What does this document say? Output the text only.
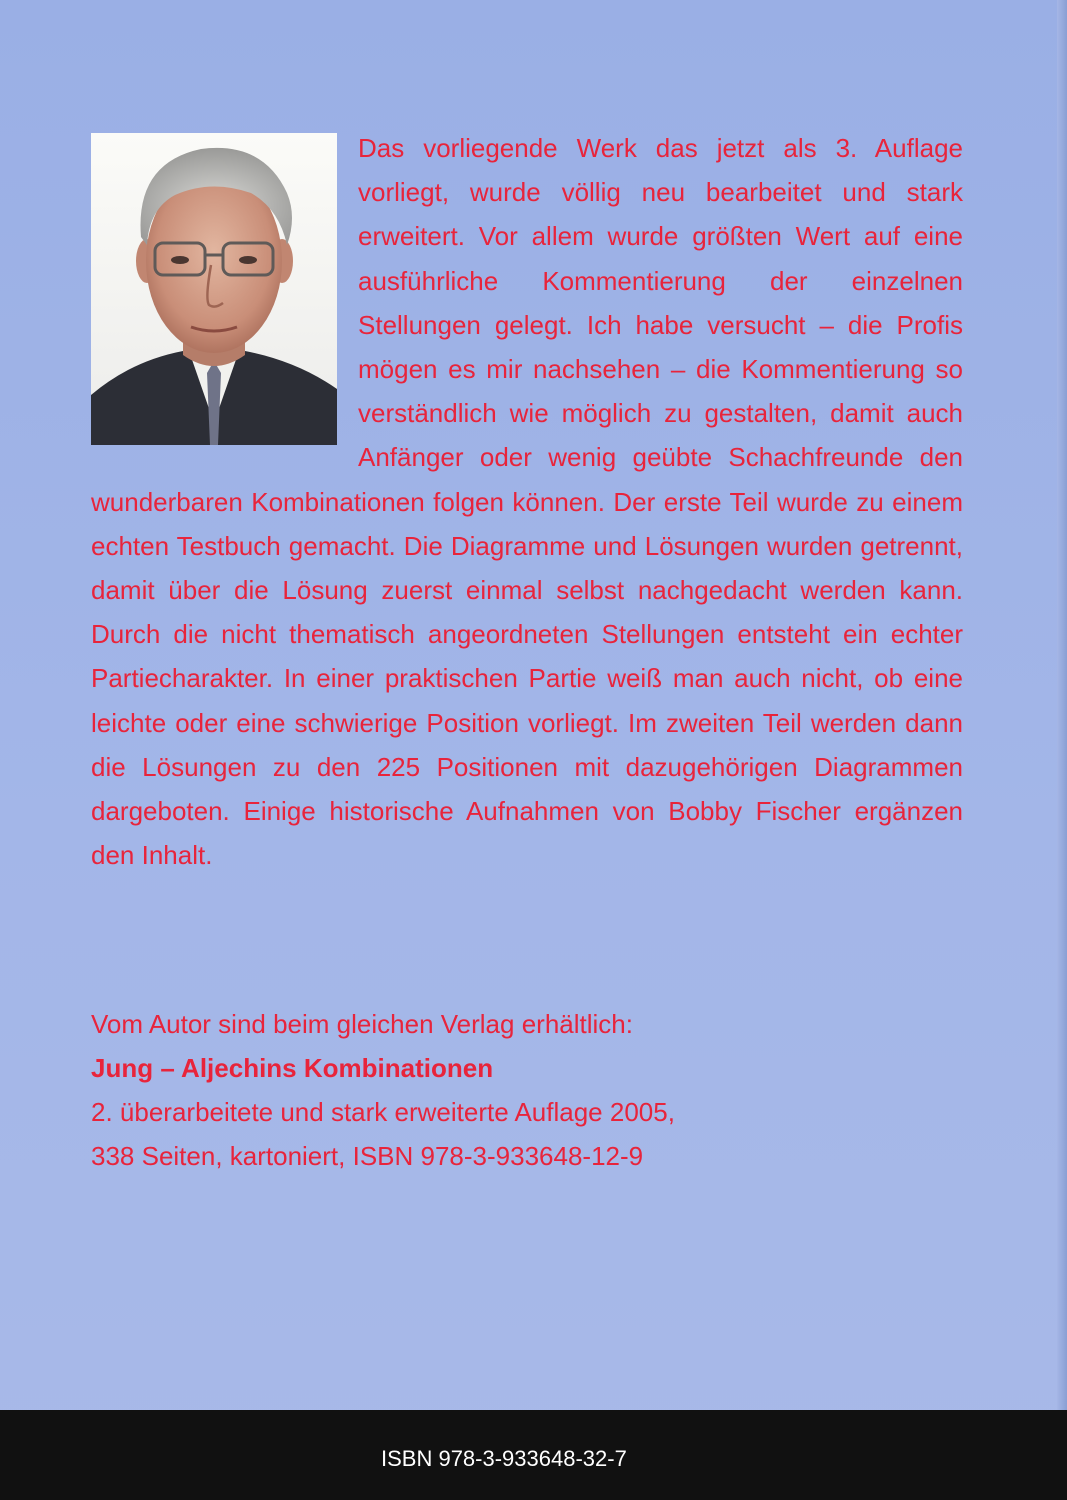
Das vorliegende Werk das jetzt als 3. Auflage vorliegt, wurde völlig neu bearbeitet und stark erweitert. Vor allem wurde größten Wert auf eine ausführliche Kommentierung der einzelnen Stellungen gelegt. Ich habe versucht – die Profis mögen es mir nachsehen – die Kommentierung so verständlich wie möglich zu gestalten, damit auch Anfänger oder wenig geübte Schachfreunde den wunderbaren Kombinationen folgen können. Der erste Teil wurde zu einem echten Testbuch gemacht. Die Diagramme und Lösungen wurden getrennt, damit über die Lösung zuerst einmal selbst nachgedacht werden kann. Durch die nicht thematisch angeordneten Stellungen entsteht ein echter Partiecharakter. In einer praktischen Partie weiß man auch nicht, ob eine leichte oder eine schwierige Position vorliegt. Im zweiten Teil werden dann die Lösungen zu den 225 Positionen mit dazugehörigen Diagrammen dargeboten. Einige historische Aufnahmen von Bobby Fischer ergänzen den Inhalt.

Vom Autor sind beim gleichen Verlag erhältlich:
Jung – Aljechins Kombinationen
2. überarbeitete und stark erweiterte Auflage 2005,
338 Seiten, kartoniert, ISBN 978-3-933648-12-9
ISBN 978-3-933648-32-7
